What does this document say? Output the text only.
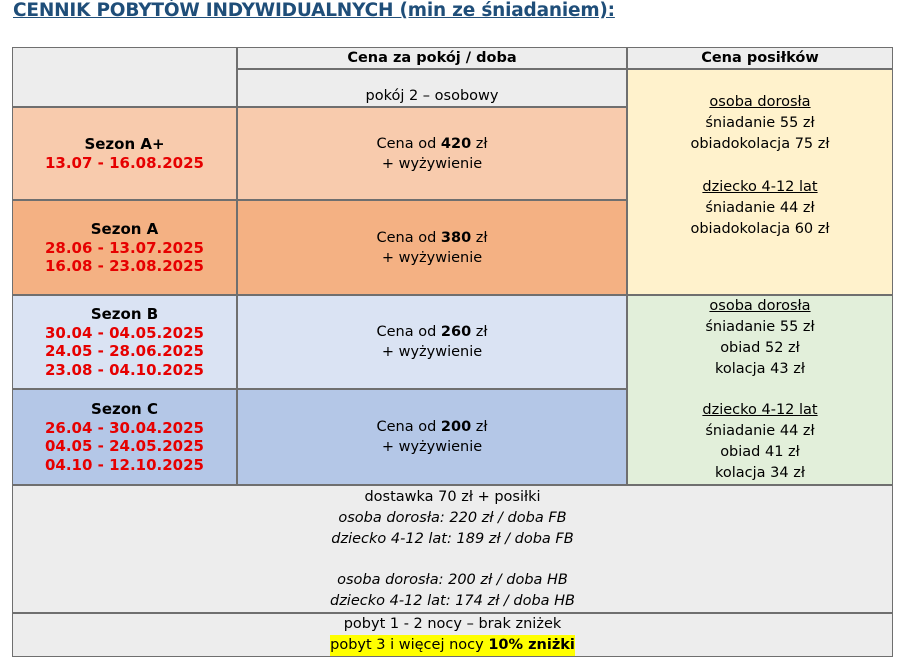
CENNIK POBYTÓW INDYWIDUALNYCH (min ze śniadaniem):
Cena za pokój / doba	Cena posiłków
pokój 2 – osobowy
Sezon A+
13.07 - 16.08.2025
Cena od 420 zł
+ wyżywienie
Sezon A
28.06 - 13.07.2025
16.08 - 23.08.2025
Cena od 380 zł
+ wyżywienie
osoba dorosła
śniadanie 55 zł
obiadokolacja 75 zł
dziecko 4-12 lat
śniadanie 44 zł
obiadokolacja 60 zł
Sezon B
30.04 - 04.05.2025
24.05 - 28.06.2025
23.08 - 04.10.2025
Cena od 260 zł
+ wyżywienie
Sezon C
26.04 - 30.04.2025
04.05 - 24.05.2025
04.10 - 12.10.2025
Cena od 200 zł
+ wyżywienie
osoba dorosła
śniadanie 55 zł
obiad 52 zł
kolacja 43 zł
dziecko 4-12 lat
śniadanie 44 zł
obiad 41 zł
kolacja 34 zł
dostawka 70 zł + posiłki
osoba dorosła: 220 zł / doba FB
dziecko 4-12 lat: 189 zł / doba FB
osoba dorosła: 200 zł / doba HB
dziecko 4-12 lat: 174 zł / doba HB
pobyt 1 - 2 nocy – brak zniżek
pobyt 3 i więcej nocy 10% zniżki
